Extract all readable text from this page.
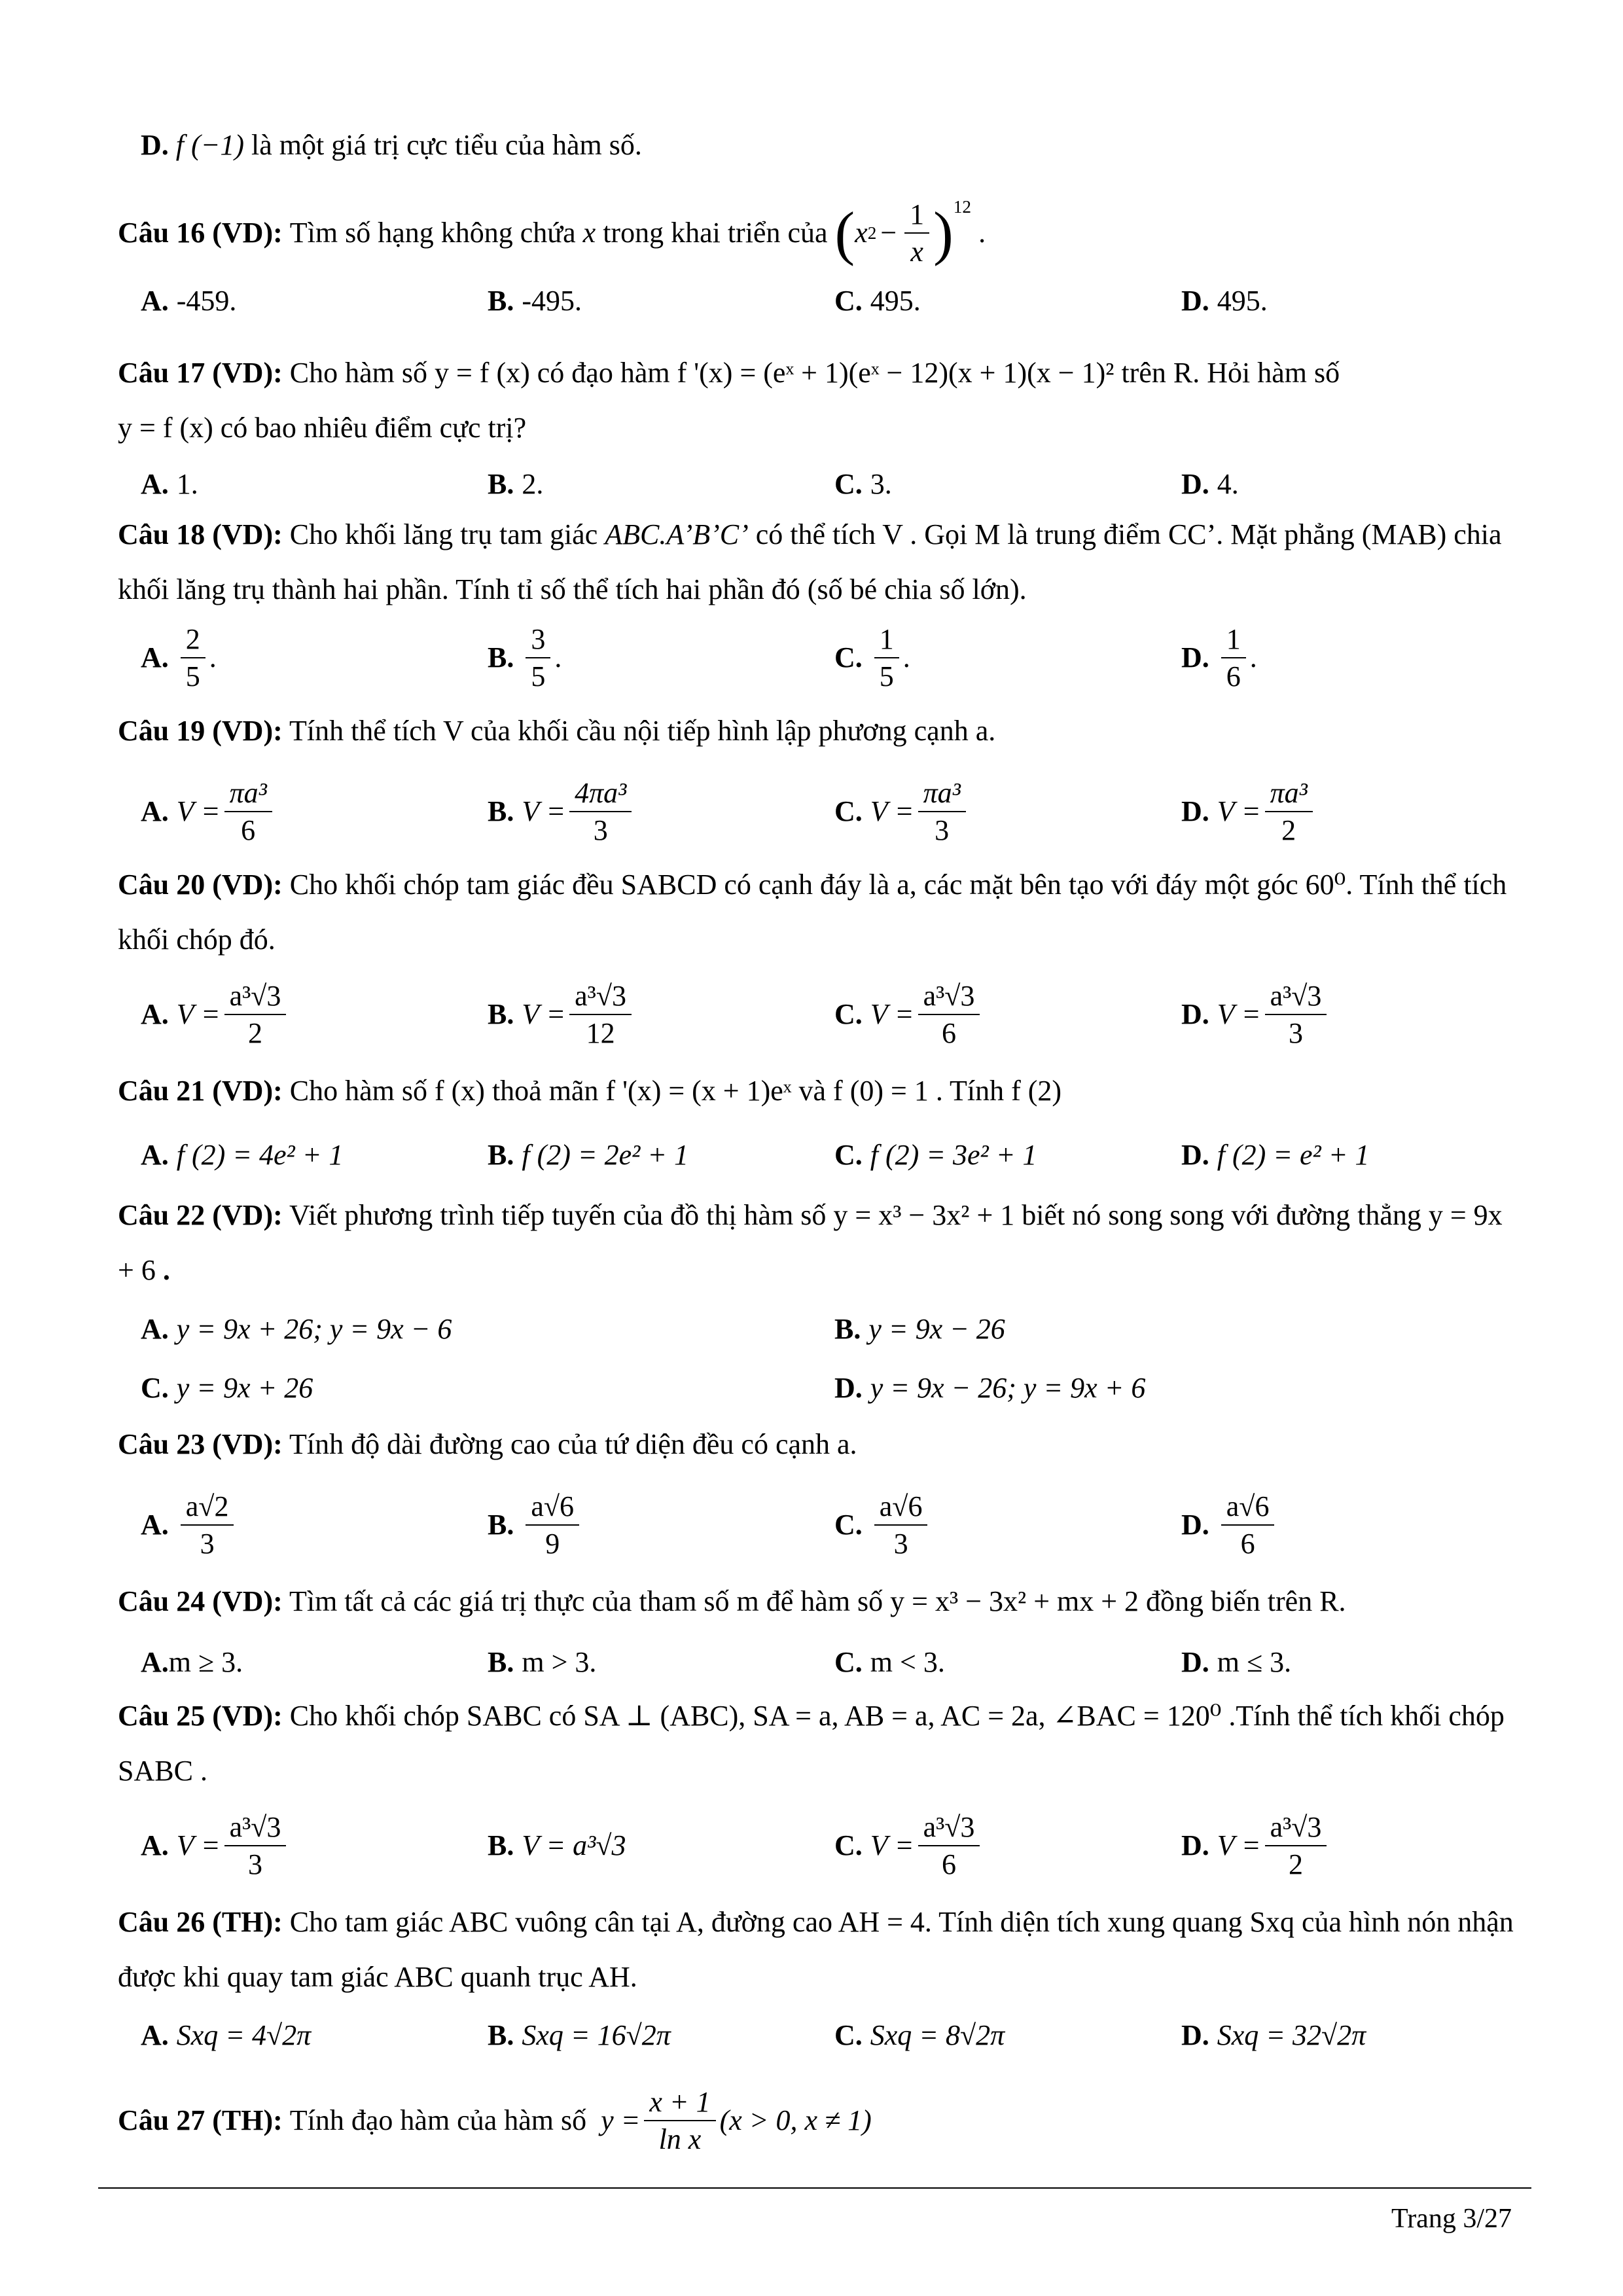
D. f (−1) là một giá trị cực tiểu của hàm số.
Câu 16 (VD):
Tìm số hạng không chứa
x
trong khai triển của
( x $2 - \frac{1}{x} )^{12}$

.
A. -459.	B. -495.	C. 495.	D. 495.
Câu 17 (VD): Cho hàm số y = f (x) có đạo hàm f '(x) = (eˣ + 1)(eˣ − 12)(x + 1)(x − 1)² trên R. Hỏi hàm số
y = f (x) có bao nhiêu điểm cực trị?
A. 1.	B. 2.	C. 3.	D. 4.
Câu 18 (VD): Cho khối lăng trụ tam giác ABC.A’B’C’ có thể tích V . Gọi M là trung điểm CC’. Mặt phẳng (MAB) chia khối lăng trụ thành hai phần. Tính tỉ số thể tích hai phần đó (số bé chia số lớn).
A. $\frac{2}{5}$ .	B. $\frac{3}{5}$ .	C. $\frac{1}{5}$ .	D. $\frac{1}{6}$ .
Câu 19 (VD): Tính thể tích V của khối cầu nội tiếp hình lập phương cạnh a.
A. $V = \frac{\text{πa³}}{6}$	B. $V = \frac{\text{4πa³}}{3}$	C. $V = \frac{\text{πa³}}{3}$	D. $V = \frac{\text{πa³}}{2}$
Câu 20 (VD): Cho khối chóp tam giác đều SABCD có cạnh đáy là a, các mặt bên tạo với đáy một góc 60⁰. Tính thể tích khối chóp đó.
A. $V = \frac{\text{a³√3}}{2}$	B. $V = \frac{\text{a³√3}}{12}$	C. $V = \frac{\text{a³√3}}{6}$	D. $V = \frac{\text{a³√3}}{3}$
Câu 21 (VD): Cho hàm số f (x) thoả mãn f '(x) = (x + 1)eˣ và f (0) = 1 . Tính f (2)
A. f (2) = 4e² + 1	B. f (2) = 2e² + 1	C. f (2) = 3e² + 1	D. f (2) = e² + 1
Câu 22 (VD): Viết phương trình tiếp tuyến của đồ thị hàm số y = x³ − 3x² + 1 biết nó song song với đường thẳng y = 9x + 6 .
A. y = 9x + 26; y = 9x − 6	B. y = 9x − 26
C. y = 9x + 26	D. y = 9x − 26; y = 9x + 6
Câu 23 (VD): Tính độ dài đường cao của tứ diện đều có cạnh a.
A. $\frac{a√2}{3}$	B. $\frac{a√6}{9}$	C. $\frac{a√6}{3}$	D. $\frac{a√6}{6}$
Câu 24 (VD): Tìm tất cả các giá trị thực của tham số m để hàm số y = x³ − 3x² + mx + 2 đồng biến trên R.
A. m ≥ 3.	B. m > 3.	C. m < 3.	D. m ≤ 3.
Câu 25 (VD): Cho khối chóp SABC có SA ⊥ (ABC), SA = a, AB = a, AC = 2a, ∠BAC = 120⁰ .Tính thể tích khối chóp SABC .
A. $V = \frac{\text{a³√3}}{3}$	B. V = a³√3	C. $V = \frac{\text{a³√3}}{6}$	D. $V = \frac{\text{a³√3}}{2}$
Câu 26 (TH): Cho tam giác ABC vuông cân tại A, đường cao AH = 4. Tính diện tích xung quang Sxq của hình nón nhận được khi quay tam giác ABC quanh trục AH.
A. Sxq = 4√2π	B. Sxq = 16√2π	C. Sxq = 8√2π	D. Sxq = 32√2π
Câu 27 (TH):
Tính đạo hàm của hàm số
$y = \frac{x + 1}{\text{ln x}} (x > 0$, x ≠ 1)
Trang 3/27
